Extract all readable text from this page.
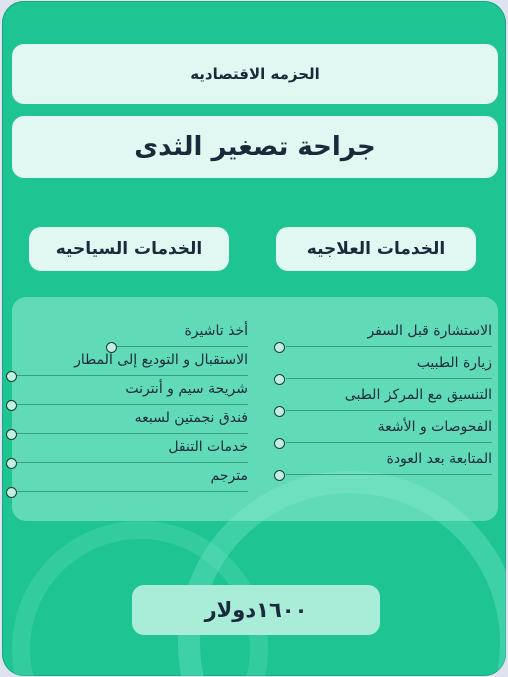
الحزمه الاقتصاديه
جراحة تصغير الثدى
الخدمات السياحيه	الخدمات العلاجيه
الاستشارة قبل السفر
زيارة الطبيب
التنسيق مع المركز الطبى
الفحوصات و الأشعة
المتابعة بعد العودة
أخذ تاشيرة
الاستقبال و التوديع إلى المطار
شريحة سيم و أنترنت
فندق نجمتين لسبعه
خدمات التنقل
مترجم
١٦٠٠دولار
